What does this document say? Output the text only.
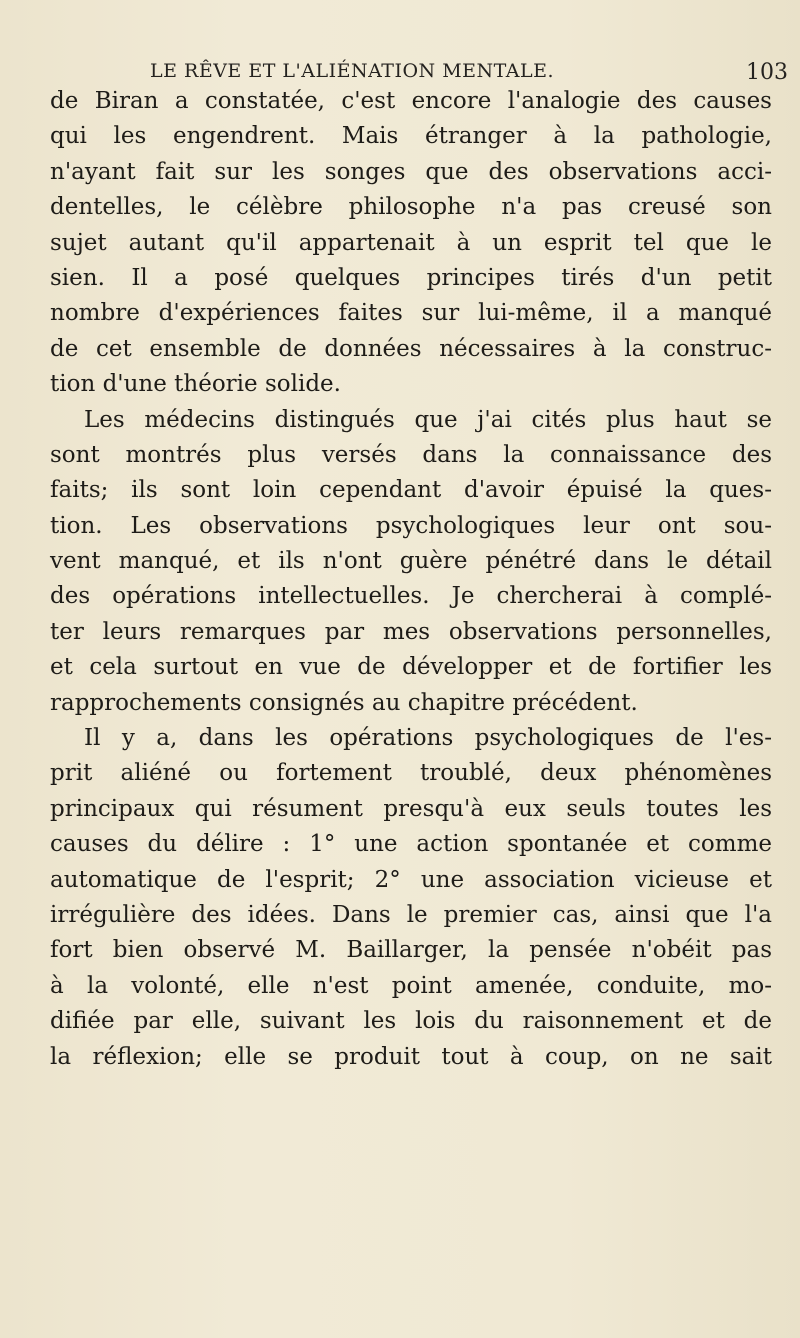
LE RÊVE ET L'ALIÉNATION MENTALE.	103
de Biran a constatée, c'est encore l'analogie des causes
qui les engendrent. Mais étranger à la pathologie,
n'ayant fait sur les songes que des observations acci-
dentelles, le célèbre philosophe n'a pas creusé son
sujet autant qu'il appartenait à un esprit tel que le
sien. Il a posé quelques principes tirés d'un petit
nombre d'expériences faites sur lui-même, il a manqué
de cet ensemble de données nécessaires à la construc-
tion d'une théorie solide.
Les médecins distingués que j'ai cités plus haut se
sont montrés plus versés dans la connaissance des
faits; ils sont loin cependant d'avoir épuisé la ques-
tion. Les observations psychologiques leur ont sou-
vent manqué, et ils n'ont guère pénétré dans le détail
des opérations intellectuelles. Je chercherai à complé-
ter leurs remarques par mes observations personnelles,
et cela surtout en vue de développer et de fortifier les
rapprochements consignés au chapitre précédent.
Il y a, dans les opérations psychologiques de l'es-
prit aliéné ou fortement troublé, deux phénomènes
principaux qui résument presqu'à eux seuls toutes les
causes du délire : 1° une action spontanée et comme
automatique de l'esprit; 2° une association vicieuse et
irrégulière des idées. Dans le premier cas, ainsi que l'a
fort bien observé M. Baillarger, la pensée n'obéit pas
à la volonté, elle n'est point amenée, conduite, mo-
difiée par elle, suivant les lois du raisonnement et de
la réflexion; elle se produit tout à coup, on ne sait
